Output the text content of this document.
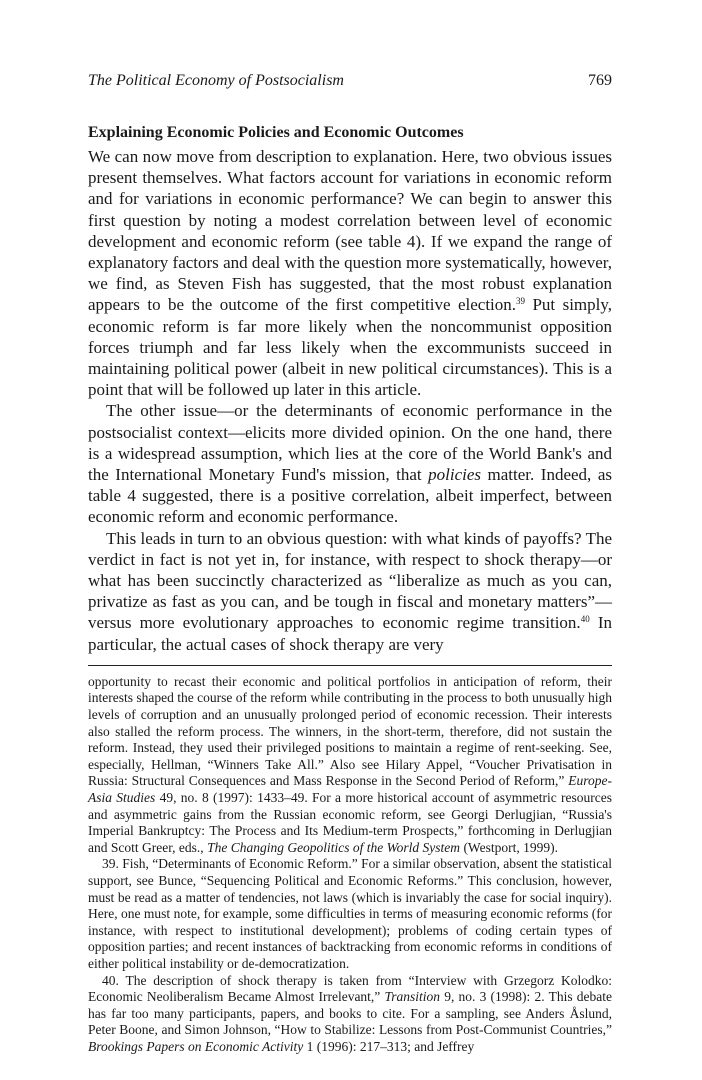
The Political Economy of Postsocialism	769
Explaining Economic Policies and Economic Outcomes

We can now move from description to explanation. Here, two obvious issues present themselves. What factors account for variations in economic reform and for variations in economic performance? We can begin to answer this first question by noting a modest correlation between level of economic development and economic reform (see table 4). If we expand the range of explanatory factors and deal with the question more systematically, however, we find, as Steven Fish has suggested, that the most robust explanation appears to be the outcome of the first competitive election.$^{39}$ Put simply, economic reform is far more likely when the noncommunist opposition forces triumph and far less likely when the excommunists succeed in maintaining political power (albeit in new political circumstances). This is a point that will be followed up later in this article.

The other issue—or the determinants of economic performance in the postsocialist context—elicits more divided opinion. On the one hand, there is a widespread assumption, which lies at the core of the World Bank's and the International Monetary Fund's mission, that policies matter. Indeed, as table 4 suggested, there is a positive correlation, albeit imperfect, between economic reform and economic performance.

This leads in turn to an obvious question: with what kinds of payoffs? The verdict in fact is not yet in, for instance, with respect to shock therapy—or what has been succinctly characterized as “liberalize as much as you can, privatize as fast as you can, and be tough in fiscal and monetary matters”—versus more evolutionary approaches to economic regime transition.$^{40}$ In particular, the actual cases of shock therapy are very

opportunity to recast their economic and political portfolios in anticipation of reform, their interests shaped the course of the reform while contributing in the process to both unusually high levels of corruption and an unusually prolonged period of economic recession. Their interests also stalled the reform process. The winners, in the short-term, therefore, did not sustain the reform. Instead, they used their privileged positions to maintain a regime of rent-seeking. See, especially, Hellman, “Winners Take All.” Also see Hilary Appel, “Voucher Privatisation in Russia: Structural Consequences and Mass Response in the Second Period of Reform,” Europe-Asia Studies 49, no. 8 (1997): 1433–49. For a more historical account of asymmetric resources and asymmetric gains from the Russian economic reform, see Georgi Derlugjian, “Russia's Imperial Bankruptcy: The Process and Its Medium-term Prospects,” forthcoming in Derlugjian and Scott Greer, eds., The Changing Geopolitics of the World System (Westport, 1999).

39. Fish, “Determinants of Economic Reform.” For a similar observation, absent the statistical support, see Bunce, “Sequencing Political and Economic Reforms.” This conclusion, however, must be read as a matter of tendencies, not laws (which is invariably the case for social inquiry). Here, one must note, for example, some difficulties in terms of measuring economic reforms (for instance, with respect to institutional development); problems of coding certain types of opposition parties; and recent instances of backtracking from economic reforms in conditions of either political instability or de-democratization.

40. The description of shock therapy is taken from “Interview with Grzegorz Kolodko: Economic Neoliberalism Became Almost Irrelevant,” Transition 9, no. 3 (1998): 2. This debate has far too many participants, papers, and books to cite. For a sampling, see Anders Åslund, Peter Boone, and Simon Johnson, “How to Stabilize: Lessons from Post-Communist Countries,” Brookings Papers on Economic Activity 1 (1996): 217–313; and Jeffrey
